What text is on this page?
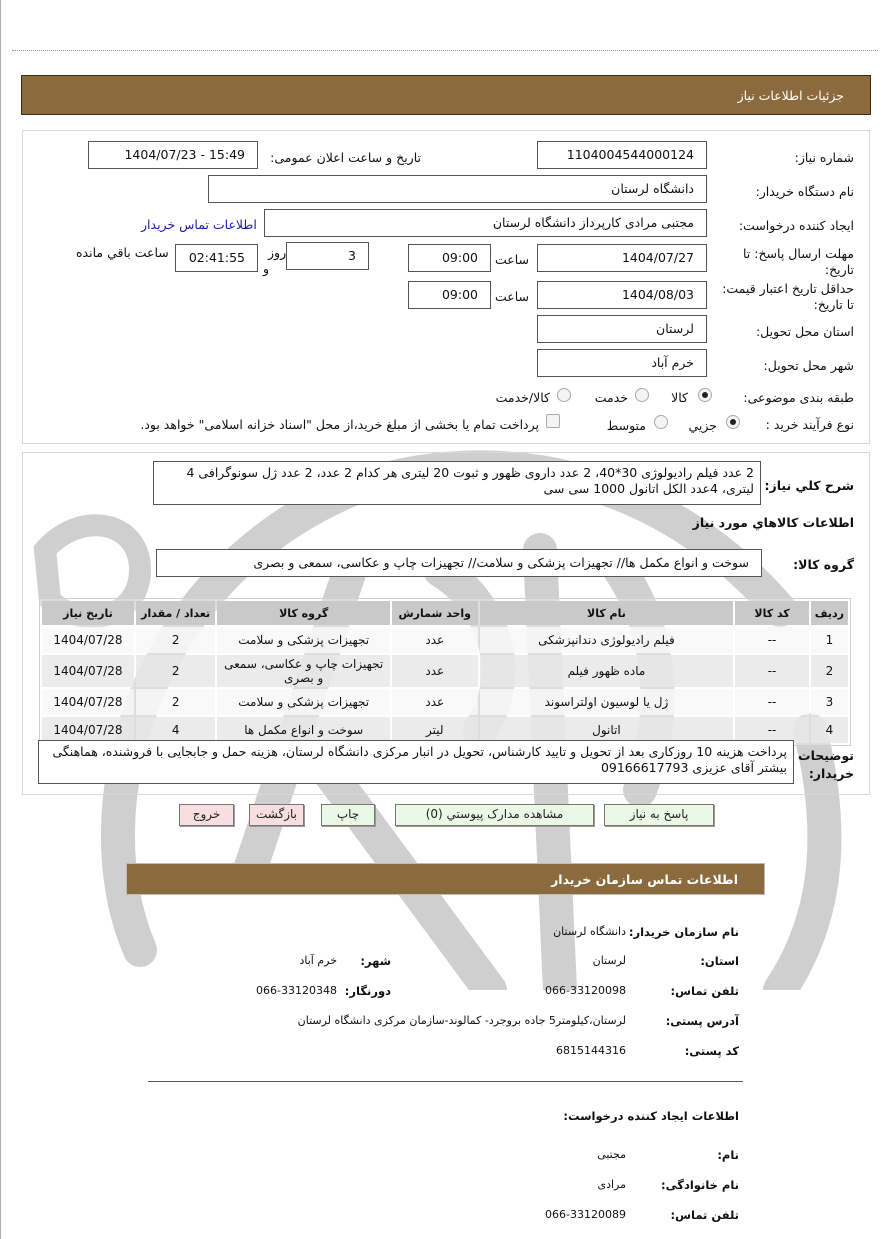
جزئیات اطلاعات نیاز
شماره نیاز:
1104004544000124
تاریخ و ساعت اعلان عمومی:
1404/07/23 - 15:49
نام دستگاه خریدار:
دانشگاه لرستان
ایجاد کننده درخواست:
مجتبی مرادی کارپرداز دانشگاه لرستان
اطلاعات تماس خریدار
مهلت ارسال پاسخ: تا
تاریخ:
1404/07/27
ساعت
09:00
3
روز
و
02:41:55
ساعت باقي مانده
حداقل تاریخ اعتبار قیمت:
تا تاریخ:
1404/08/03
ساعت
09:00
استان محل تحویل:
لرستان
شهر محل تحویل:
خرم آباد
طبقه بندی موضوعی:
کالا
خدمت
کالا/خدمت
نوع فرآیند خرید :
جزیي
متوسط
پرداخت تمام یا بخشی از مبلغ خرید،از محل "اسناد خزانه اسلامی" خواهد بود.
شرح کلي نیاز:
2 عدد فیلم رادیولوژی 30*40، 2 عدد داروی ظهور و ثبوت 20 لیتری هر کدام 2 عدد، 2 عدد ژل سونوگرافی 4 لیتری، 4عدد الکل اتانول 1000 سی سی
اطلاعات کالاهاي مورد نیاز
گروه کالا:
سوخت و انواع مکمل ها// تجهیزات پزشکی و سلامت// تجهیزات چاپ و عکاسی، سمعی و بصری
ردیف	کد کالا	نام کالا	واحد شمارش	گروه کالا	تعداد / مقدار	تاریخ نیاز
1	--	فیلم رادیولوژی دندانپزشکی	عدد	تجهیزات پزشکی و سلامت	2	1404/07/28
2	--	ماده ظهور فیلم	عدد	تجهیزات چاپ و عکاسی، سمعی و بصری	2	1404/07/28
3	--	ژل یا لوسیون اولتراسوند	عدد	تجهیزات پزشکی و سلامت	2	1404/07/28
4	--	اتانول	لیتر	سوخت و انواع مکمل ها	4	1404/07/28
توضیحات
خریدار:
پرداخت هزینه 10 روزکاری بعد از تحویل و تایید کارشناس، تحویل در انبار مرکزی دانشگاه لرستان، هزینه حمل و جابجایی با فروشنده، هماهنگی بیشتر آقای عزیزی 09166617793
پاسخ به نیاز
مشاهده مدارک پیوستي (0)
چاپ
بازگشت
خروج
اطلاعات تماس سازمان خریدار
نام سازمان خریدار:
دانشگاه لرستان
استان:
لرستان
شهر:
خرم آباد
تلفن تماس:
066-33120098
دورنگار:
066-33120348
آدرس پستی:
لرستان،کیلومتر5 جاده بروجرد- کمالوند-سازمان مرکزی دانشگاه لرستان
کد پستی:
6815144316
اطلاعات ایجاد کننده درخواست:
نام:
مجتبی
نام خانوادگی:
مرادی
تلفن تماس:
066-33120089
